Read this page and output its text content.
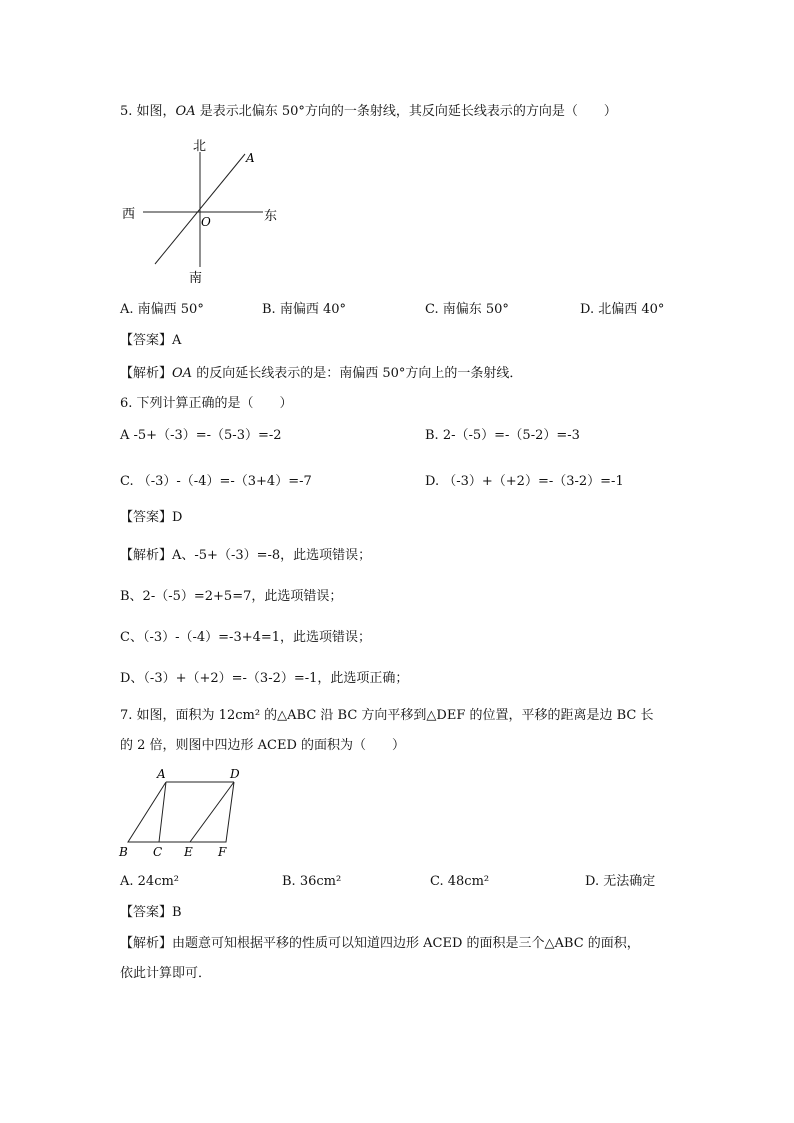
5. 如图，OA 是表示北偏东 50°方向的一条射线，其反向延长线表示的方向是（　　）
北
南
西	东
O
A
A. 南偏西 50°	B. 南偏西 40°	C. 南偏东 50°	D. 北偏西 40°
【答案】A
【解析】OA 的反向延长线表示的是：南偏西 50°方向上的一条射线．
6. 下列计算正确的是（　　）
A -5+（-3）=-（5-3）=-2	B. 2-（-5）=-（5-2）=-3
C. （-3）-（-4）=-（3+4）=-7	D. （-3）+（+2）=-（3-2）=-1
【答案】D
【解析】A、-5+（-3）=-8，此选项错误；
B、2-（-5）=2+5=7，此选项错误；
C、（-3）-（-4）=-3+4=1，此选项错误；
D、（-3）+（+2）=-（3-2）=-1，此选项正确；
7. 如图，面积为 12cm² 的△ABC 沿 BC 方向平移到△DEF 的位置，平移的距离是边 BC 长
的 2 倍，则图中四边形 ACED 的面积为（　　）
A	D
B C E F
A. 24cm²	B. 36cm²	C. 48cm²	D. 无法确定
【答案】B
【解析】由题意可知根据平移的性质可以知道四边形 ACED 的面积是三个△ABC 的面积，
依此计算即可．
